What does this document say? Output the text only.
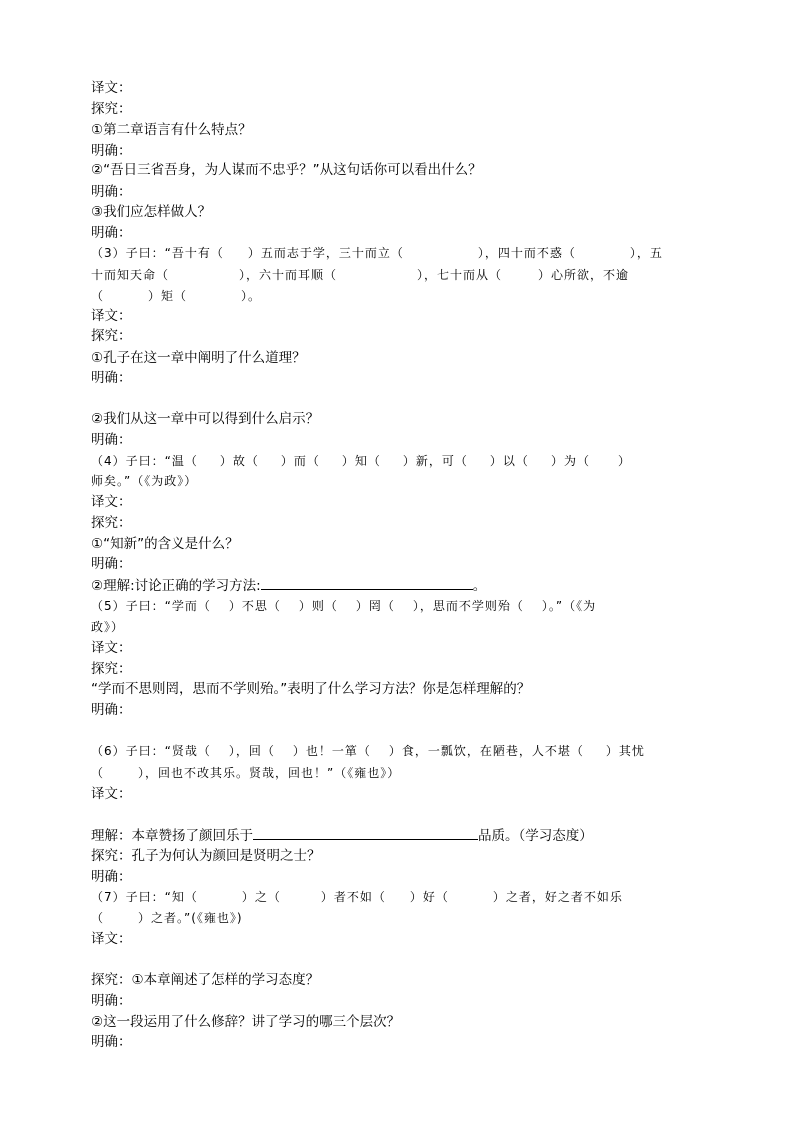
译文：
探究：
①第二章语言有什么特点？
明确：
②“吾日三省吾身，为人谋而不忠乎？”从这句话你可以看出什么？
明确：
③我们应怎样做人？
明确：
（3）子曰：“吾十有（ ）五而志于学，三十而立（	），四十而不惑（	），五
十而知天命（	），六十而耳顺（	），七十而从（	）心所欲，不逾
（	）矩（	）。
译文：
探究：
①孔子在这一章中阐明了什么道理？
明确：
②我们从这一章中可以得到什么启示？
明确：
（4）子曰：“温（ ）故（ ）而（ ）知（ ）新，可（ ）以（ ）为（ ）
师矣。”（《为政》）
译文：
探究：
①“知新”的含义是什么？
明确：
②理解:讨论正确的学习方法:	。
（5）子曰：“学而（ ）不思（ ）则（ ）罔（ ），思而不学则殆（ ）。”（《为
政》）
译文：
探究：
“学而不思则罔，思而不学则殆。”表明了什么学习方法？你是怎样理解的？
明确：
（6）子曰：“贤哉（ ），回（ ）也！一箪（ ）食，一瓢饮，在陋巷，人不堪（ ）其忧
（	），回也不改其乐。贤哉，回也！”（《雍也》）
译文：
理解：本章赞扬了颜回乐于	品质。（学习态度）
探究：孔子为何认为颜回是贤明之士？
明确：
（7）子曰：“知（	）之（	）者不如（ ）好（	）之者，好之者不如乐
（	）之者。”(《雍也》)
译文：
探究：①本章阐述了怎样的学习态度？
明确：
②这一段运用了什么修辞？讲了学习的哪三个层次？
明确：
